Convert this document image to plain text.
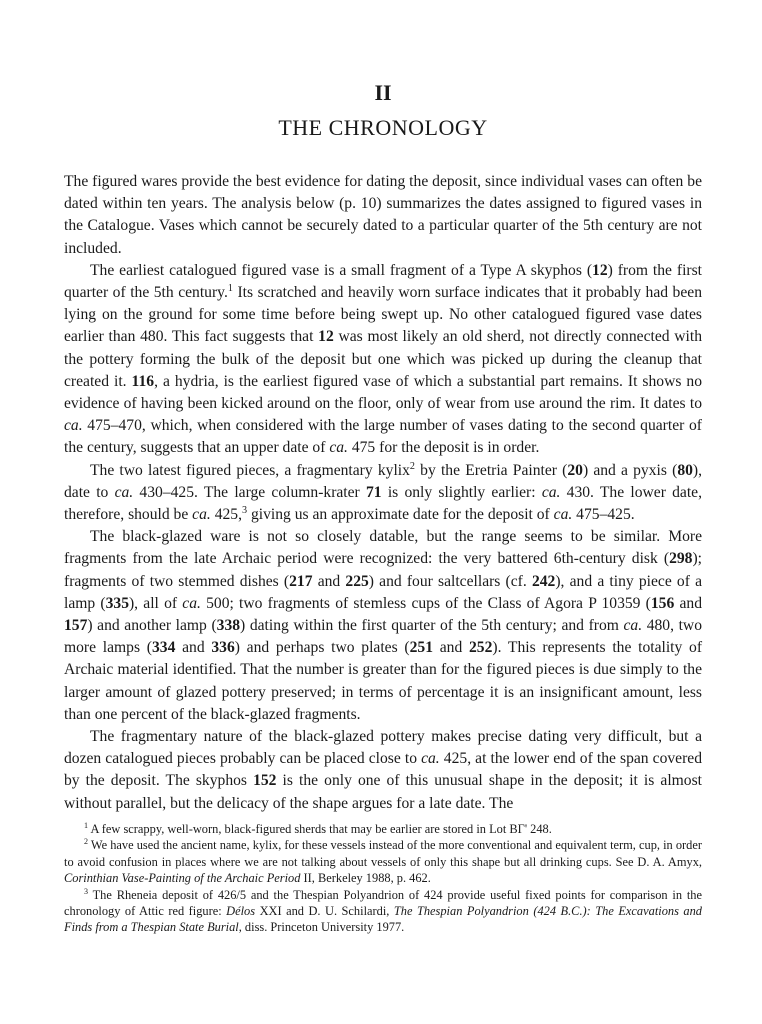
II
THE CHRONOLOGY

The figured wares provide the best evidence for dating the deposit, since individual vases can often be dated within ten years. The analysis below (p. 10) summarizes the dates assigned to figured vases in the Catalogue. Vases which cannot be securely dated to a particular quarter of the 5th century are not included.

The earliest catalogued figured vase is a small fragment of a Type A skyphos (12) from the first quarter of the 5th century.$^1$ Its scratched and heavily worn surface indicates that it probably had been lying on the ground for some time before being swept up. No other catalogued figured vase dates earlier than 480. This fact suggests that 12 was most likely an old sherd, not directly connected with the pottery forming the bulk of the deposit but one which was picked up during the cleanup that created it. 116, a hydria, is the earliest figured vase of which a substantial part remains. It shows no evidence of having been kicked around on the floor, only of wear from use around the rim. It dates to ca. 475–470, which, when considered with the large number of vases dating to the second quarter of the century, suggests that an upper date of ca. 475 for the deposit is in order.

The two latest figured pieces, a fragmentary kylix$^2$ by the Eretria Painter (20) and a pyxis (80), date to ca. 430–425. The large column-krater 71 is only slightly earlier: ca. 430. The lower date, therefore, should be ca. 425,$^3$ giving us an approximate date for the deposit of ca. 475–425.

The black-glazed ware is not so closely datable, but the range seems to be similar. More fragments from the late Archaic period were recognized: the very battered 6th-century disk (298); fragments of two stemmed dishes (217 and 225) and four saltcellars (cf. 242), and a tiny piece of a lamp (335), all of ca. 500; two fragments of stemless cups of the Class of Agora P 10359 (156 and 157) and another lamp (338) dating within the first quarter of the 5th century; and from ca. 480, two more lamps (334 and 336) and perhaps two plates (251 and 252). This represents the totality of Archaic material identified. That the number is greater than for the figured pieces is due simply to the larger amount of glazed pottery preserved; in terms of percentage it is an insignificant amount, less than one percent of the black-glazed fragments.

The fragmentary nature of the black-glazed pottery makes precise dating very difficult, but a dozen catalogued pieces probably can be placed close to ca. 425, at the lower end of the span covered by the deposit. The skyphos 152 is the only one of this unusual shape in the deposit; it is almost without parallel, but the delicacy of the shape argues for a late date. The

$^1$ A few scrappy, well-worn, black-figured sherds that may be earlier are stored in Lot BΓ' 248.

$^2$ We have used the ancient name, kylix, for these vessels instead of the more conventional and equivalent term, cup, in order to avoid confusion in places where we are not talking about vessels of only this shape but all drinking cups. See D. A. Amyx, Corinthian Vase-Painting of the Archaic Period II, Berkeley 1988, p. 462.

$^3$ The Rheneia deposit of 426/5 and the Thespian Polyandrion of 424 provide useful fixed points for comparison in the chronology of Attic red figure: Délos XXI and D. U. Schilardi, The Thespian Polyandrion (424 B.C.): The Excavations and Finds from a Thespian State Burial, diss. Princeton University 1977.
